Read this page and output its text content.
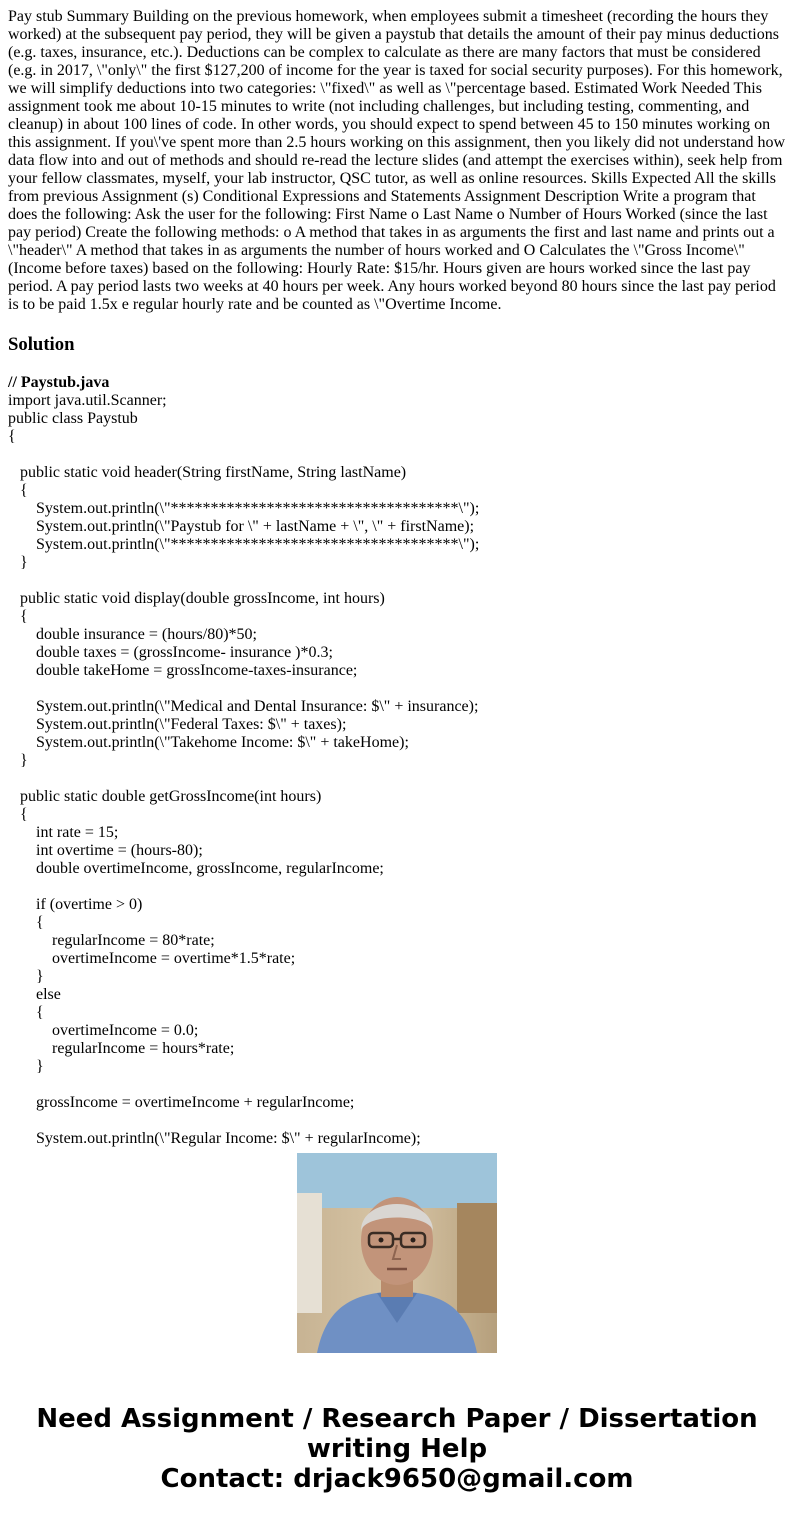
Pay stub Summary Building on the previous homework, when employees submit a timesheet (recording the hours they worked) at the subsequent pay period, they will be given a paystub that details the amount of their pay minus deductions (e.g. taxes, insurance, etc.). Deductions can be complex to calculate as there are many factors that must be considered (e.g. in 2017, \"only\" the first $127,200 of income for the year is taxed for social security purposes). For this homework, we will simplify deductions into two categories: \"fixed\" as well as \"percentage based. Estimated Work Needed This assignment took me about 10-15 minutes to write (not including challenges, but including testing, commenting, and cleanup) in about 100 lines of code. In other words, you should expect to spend between 45 to 150 minutes working on this assignment. If you\'ve spent more than 2.5 hours working on this assignment, then you likely did not understand how data flow into and out of methods and should re-read the lecture slides (and attempt the exercises within), seek help from your fellow classmates, myself, your lab instructor, QSC tutor, as well as online resources. Skills Expected All the skills from previous Assignment (s) Conditional Expressions and Statements Assignment Description Write a program that does the following: Ask the user for the following: First Name o Last Name o Number of Hours Worked (since the last pay period) Create the following methods: o A method that takes in as arguments the first and last name and prints out a \"header\" A method that takes in as arguments the number of hours worked and O Calculates the \"Gross Income\" (Income before taxes) based on the following: Hourly Rate: $15/hr. Hours given are hours worked since the last pay period. A pay period lasts two weeks at 40 hours per week. Any hours worked beyond 80 hours since the last pay period is to be paid 1.5x e regular hourly rate and be counted as \"Overtime Income.

Solution
// Paystub.java
import java.util.Scanner;
public class Paystub
{
public static void header(String firstName, String lastName)
{
System.out.println(\"************************************\");
System.out.println(\"Paystub for \" + lastName + \", \" + firstName);
System.out.println(\"************************************\");
}
public static void display(double grossIncome, int hours)
{
double insurance = (hours/80)*50;
double taxes = (grossIncome- insurance )*0.3;
double takeHome = grossIncome-taxes-insurance;
System.out.println(\"Medical and Dental Insurance: $\" + insurance);
System.out.println(\"Federal Taxes: $\" + taxes);
System.out.println(\"Takehome Income: $\" + takeHome);
}
public static double getGrossIncome(int hours)
{
int rate = 15;
int overtime = (hours-80);
double overtimeIncome, grossIncome, regularIncome;
if (overtime > 0)
{
regularIncome = 80*rate;
overtimeIncome = overtime*1.5*rate;
}
else
{
overtimeIncome = 0.0;
regularIncome = hours*rate;
}
grossIncome = overtimeIncome + regularIncome;
System.out.println(\"Regular Income: $\" + regularIncome);
Need Assignment / Research Paper / Dissertation
writing Help
Contact: drjack9650@gmail.com
